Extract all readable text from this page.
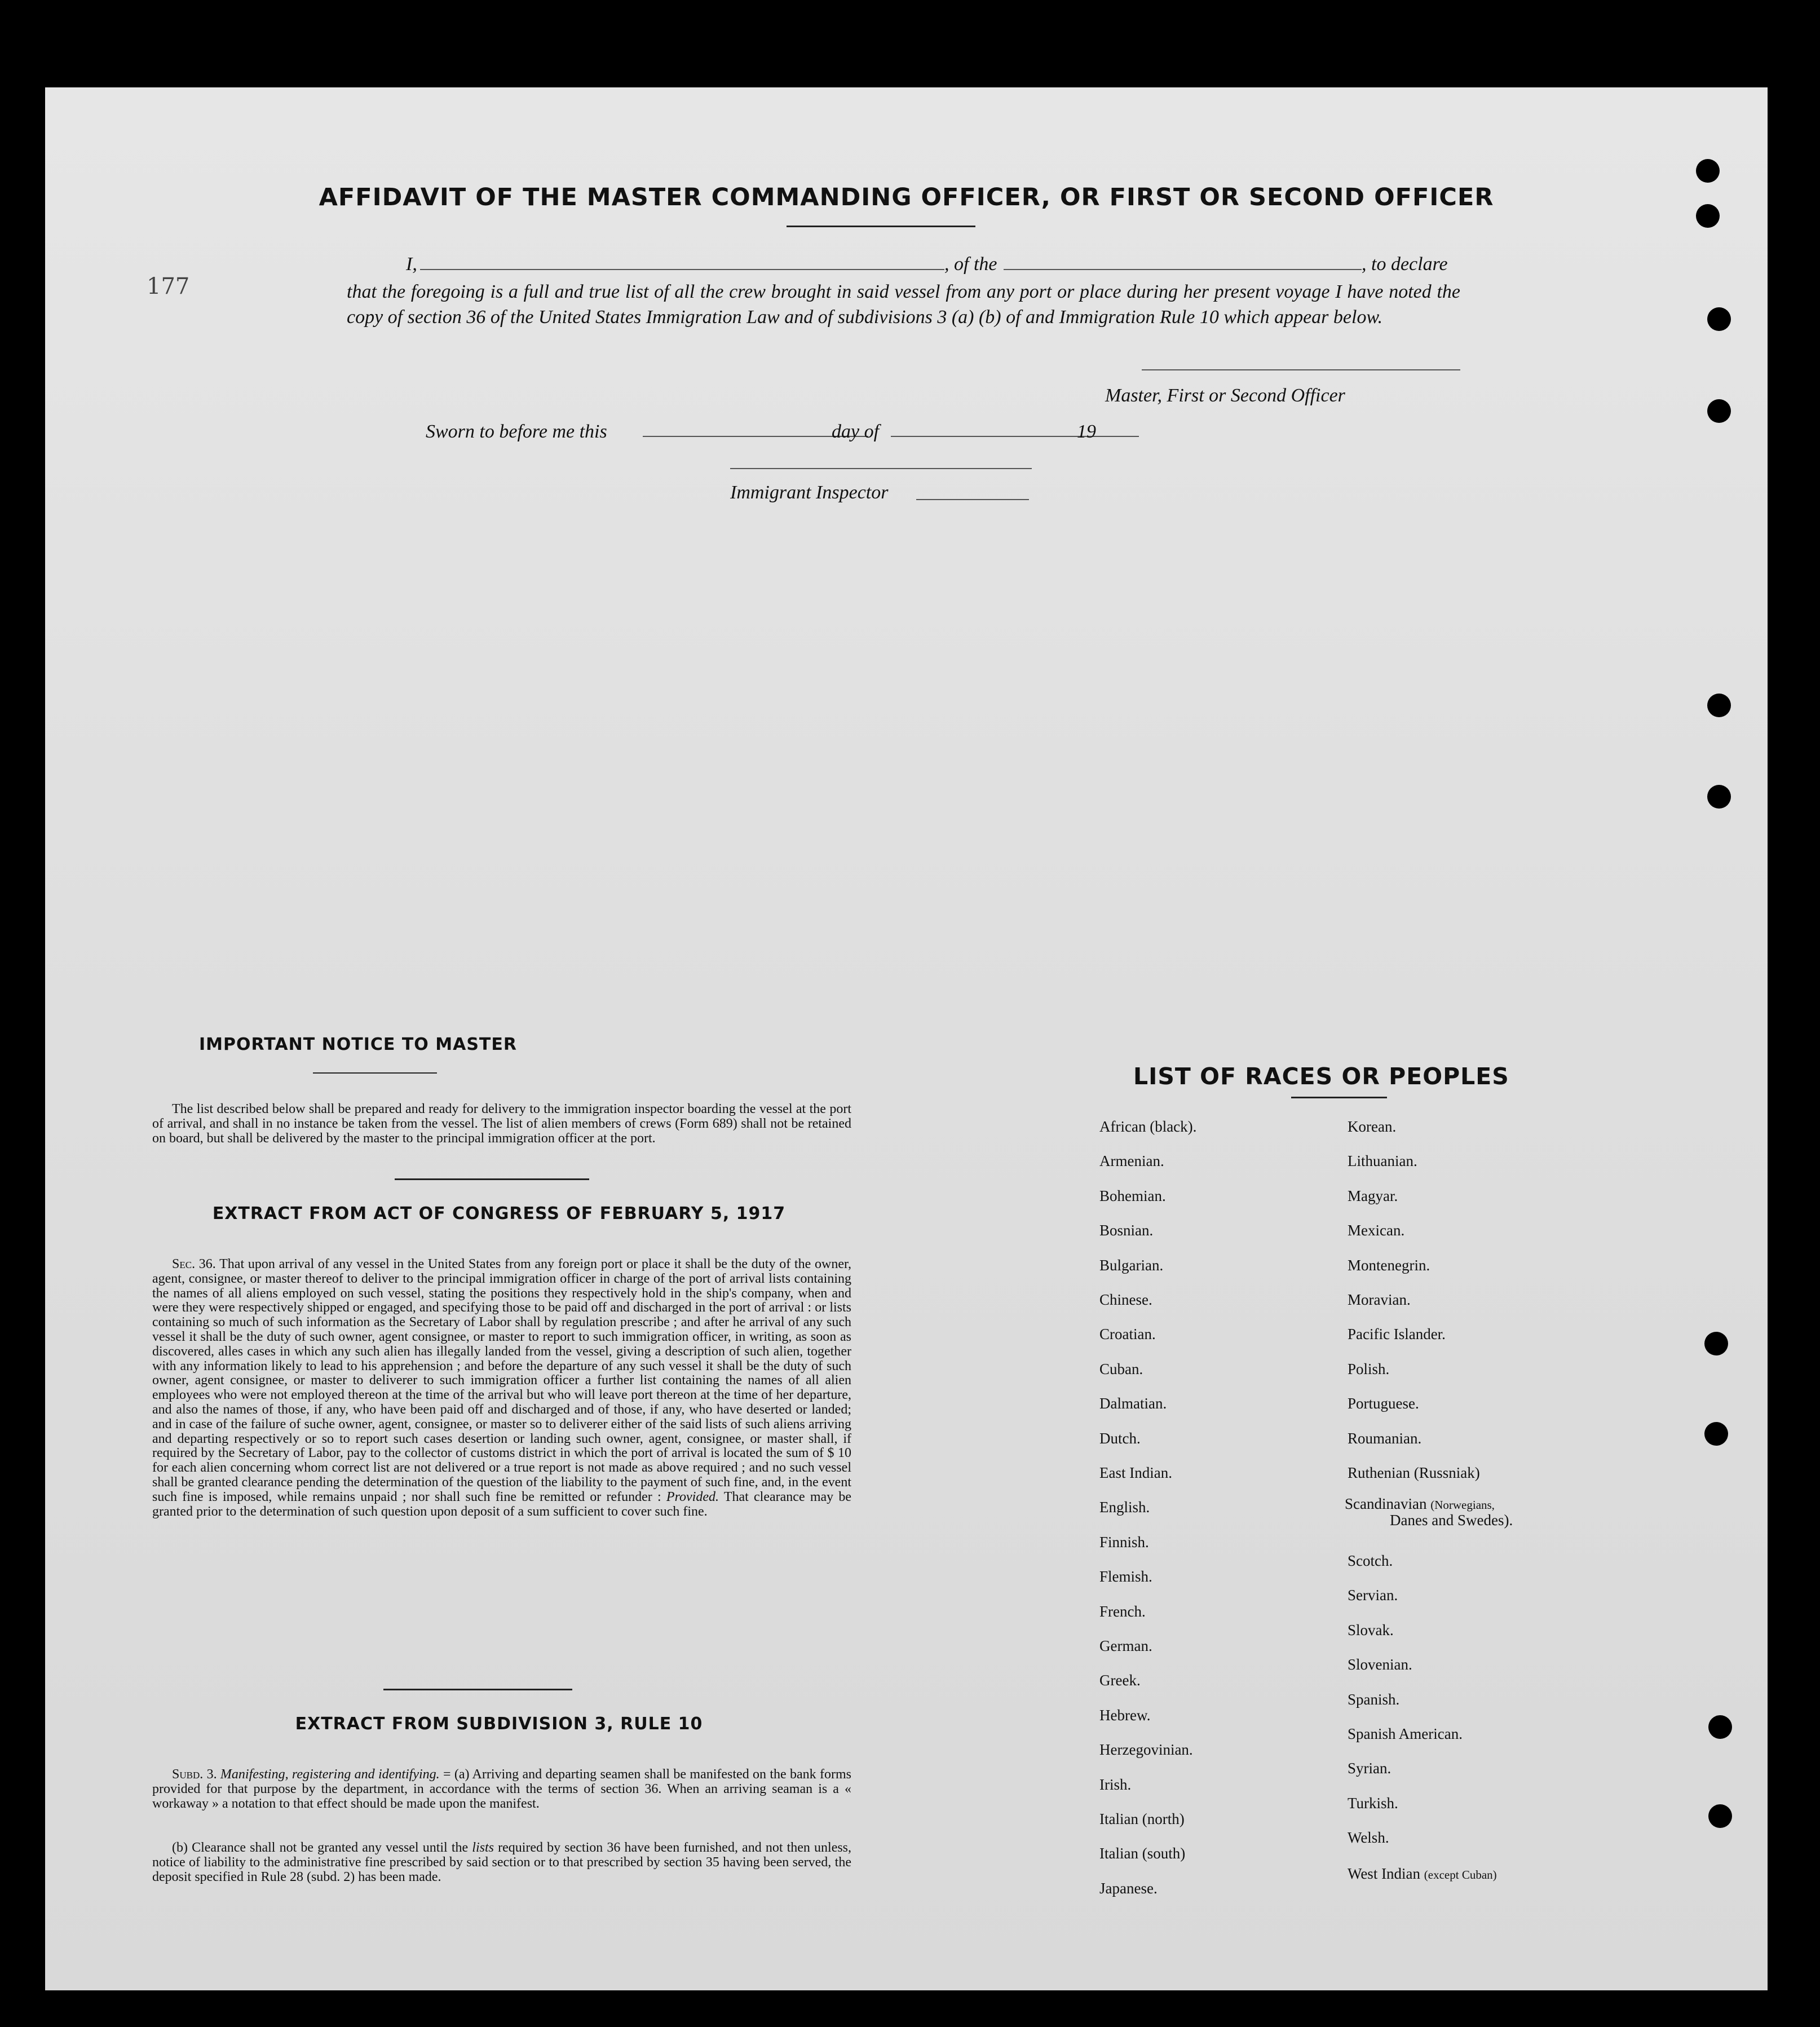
AFFIDAVIT OF THE MASTER COMMANDING OFFICER, OR FIRST OR SECOND OFFICER
177
I,	, of the	, to declare
that the foregoing is a full and true list of all the crew brought in said vessel from any port or place during her present voyage I have noted the copy of section 36 of the United States Immigration Law and of subdivisions 3 (a) (b) of and Immigration Rule 10 which appear below.
Master, First or Second Officer
Sworn to before me this	day of	19
Immigrant Inspector
IMPORTANT NOTICE TO MASTER
The list described below shall be prepared and ready for delivery to the immigration inspector boarding the vessel at the port of arrival, and shall in no instance be taken from the vessel. The list of alien members of crews (Form 689) shall not be retained on board, but shall be delivered by the master to the principal immigration officer at the port.
EXTRACT FROM ACT OF CONGRESS OF FEBRUARY 5, 1917
Sec. 36. That upon arrival of any vessel in the United States from any foreign port or place it shall be the duty of the owner, agent, consignee, or master thereof to deliver to the principal immigration officer in charge of the port of arrival lists containing the names of all aliens employed on such vessel, stating the positions they respectively hold in the ship's company, when and were they were respectively shipped or engaged, and specifying those to be paid off and discharged in the port of arrival : or lists containing so much of such information as the Secretary of Labor shall by regulation prescribe ; and after he arrival of any such vessel it shall be the duty of such owner, agent consignee, or master to report to such immigration officer, in writing, as soon as discovered, alles cases in which any such alien has illegally landed from the vessel, giving a description of such alien, together with any information likely to lead to his apprehension ; and before the departure of any such vessel it shall be the duty of such owner, agent consignee, or master to deliverer to such immigration officer a further list containing the names of all alien employees who were not employed thereon at the time of the arrival but who will leave port thereon at the time of her departure, and also the names of those, if any, who have been paid off and discharged and of those, if any, who have deserted or landed; and in case of the failure of suche owner, agent, consignee, or master so to deliverer either of the said lists of such aliens arriving and departing respectively or so to report such cases desertion or landing such owner, agent, consignee, or master shall, if required by the Secretary of Labor, pay to the collector of customs district in which the port of arrival is located the sum of $ 10 for each alien concerning whom correct list are not delivered or a true report is not made as above required ; and no such vessel shall be granted clearance pending the determination of the question of the liability to the payment of such fine, and, in the event such fine is imposed, while remains unpaid ; nor shall such fine be remitted or refunder : Provided. That clearance may be granted prior to the determination of such question upon deposit of a sum sufficient to cover such fine.
EXTRACT FROM SUBDIVISION 3, RULE 10
Subd. 3. Manifesting, registering and identifying. = (a) Arriving and departing seamen shall be manifested on the bank forms provided for that purpose by the department, in accordance with the terms of section 36. When an arriving seaman is a « workaway » a notation to that effect should be made upon the manifest.
(b) Clearance shall not be granted any vessel until the lists required by section 36 have been furnished, and not then unless, notice of liability to the administrative fine prescribed by said section or to that prescribed by section 35 having been served, the deposit specified in Rule 28 (subd. 2) has been made.
LIST OF RACES OR PEOPLES
African (black).
Armenian.
Bohemian.
Bosnian.
Bulgarian.
Chinese.
Croatian.
Cuban.
Dalmatian.
Dutch.
East Indian.
English.
Finnish.
Flemish.
French.
German.
Greek.
Hebrew.
Herzegovinian.
Irish.
Italian (north)
Italian (south)
Japanese.
Korean.
Lithuanian.
Magyar.
Mexican.
Montenegrin.
Moravian.
Pacific Islander.
Polish.
Portuguese.
Roumanian.
Ruthenian (Russniak)
Scandinavian (Norwegians,
Danes and Swedes).
Scotch.
Servian.
Slovak.
Slovenian.
Spanish.
Spanish American.
Syrian.
Turkish.
Welsh.
West Indian (except Cuban)
